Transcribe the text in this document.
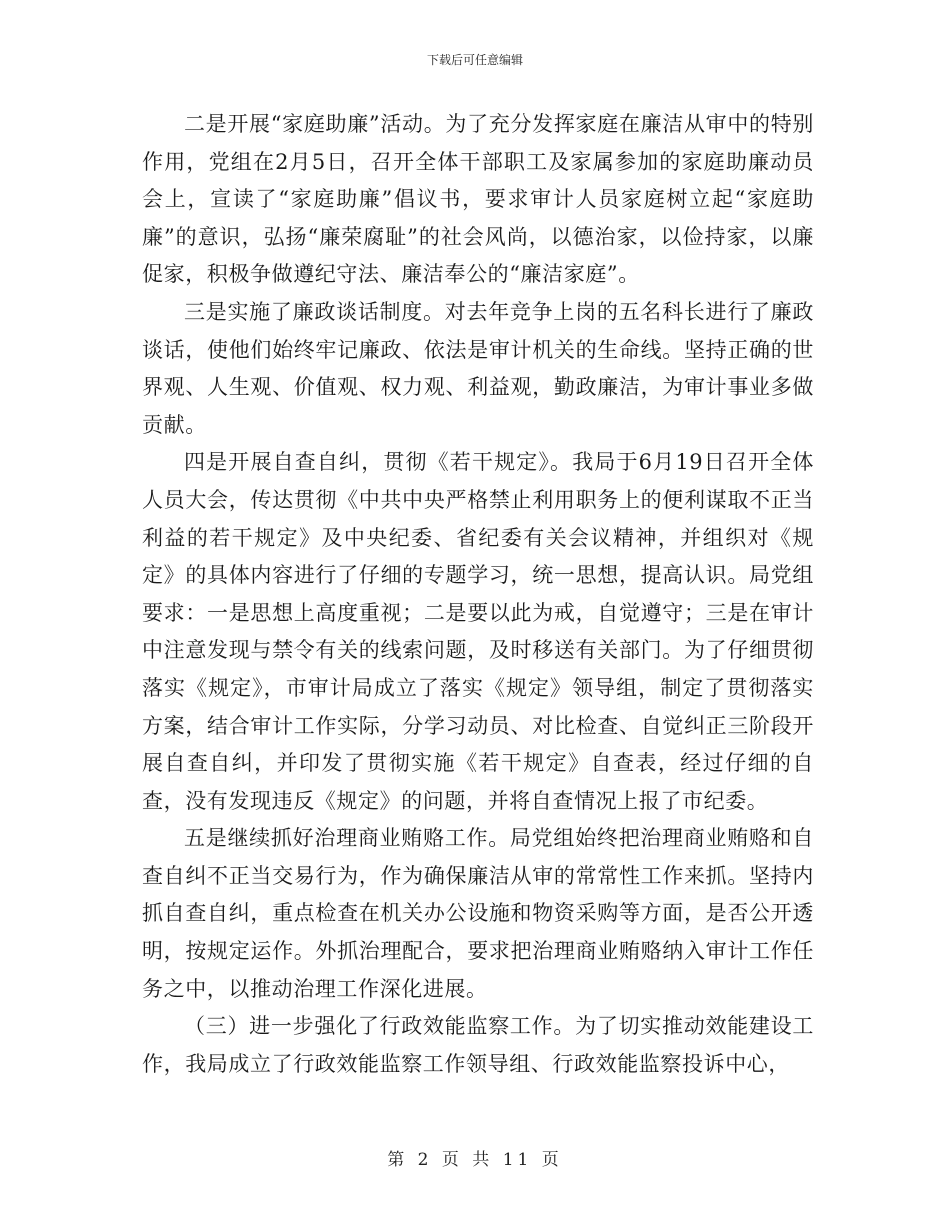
下载后可任意编辑

二是开展“家庭助廉”活动。为了充分发挥家庭在廉洁从审中的特别作用，党组在2月5日，召开全体干部职工及家属参加的家庭助廉动员会上，宣读了“家庭助廉”倡议书，要求审计人员家庭树立起“家庭助廉”的意识，弘扬“廉荣腐耻”的社会风尚，以德治家，以俭持家，以廉促家，积极争做遵纪守法、廉洁奉公的“廉洁家庭”。

三是实施了廉政谈话制度。对去年竞争上岗的五名科长进行了廉政谈话，使他们始终牢记廉政、依法是审计机关的生命线。坚持正确的世界观、人生观、价值观、权力观、利益观，勤政廉洁，为审计事业多做贡献。

四是开展自查自纠，贯彻《若干规定》。我局于6月19日召开全体人员大会，传达贯彻《中共中央严格禁止利用职务上的便利谋取不正当利益的若干规定》及中央纪委、省纪委有关会议精神，并组织对《规定》的具体内容进行了仔细的专题学习，统一思想，提高认识。局党组要求：一是思想上高度重视；二是要以此为戒，自觉遵守；三是在审计中注意发现与禁令有关的线索问题，及时移送有关部门。为了仔细贯彻落实《规定》，市审计局成立了落实《规定》领导组，制定了贯彻落实方案，结合审计工作实际，分学习动员、对比检查、自觉纠正三阶段开展自查自纠，并印发了贯彻实施《若干规定》自查表，经过仔细的自查，没有发现违反《规定》的问题，并将自查情况上报了市纪委。

五是继续抓好治理商业贿赂工作。局党组始终把治理商业贿赂和自查自纠不正当交易行为，作为确保廉洁从审的常常性工作来抓。坚持内抓自查自纠，重点检查在机关办公设施和物资采购等方面，是否公开透明，按规定运作。外抓治理配合，要求把治理商业贿赂纳入审计工作任务之中，以推动治理工作深化进展。

（三）进一步强化了行政效能监察工作。为了切实推动效能建设工作，我局成立了行政效能监察工作领导组、行政效能监察投诉中心，

第 2 页 共 11 页
